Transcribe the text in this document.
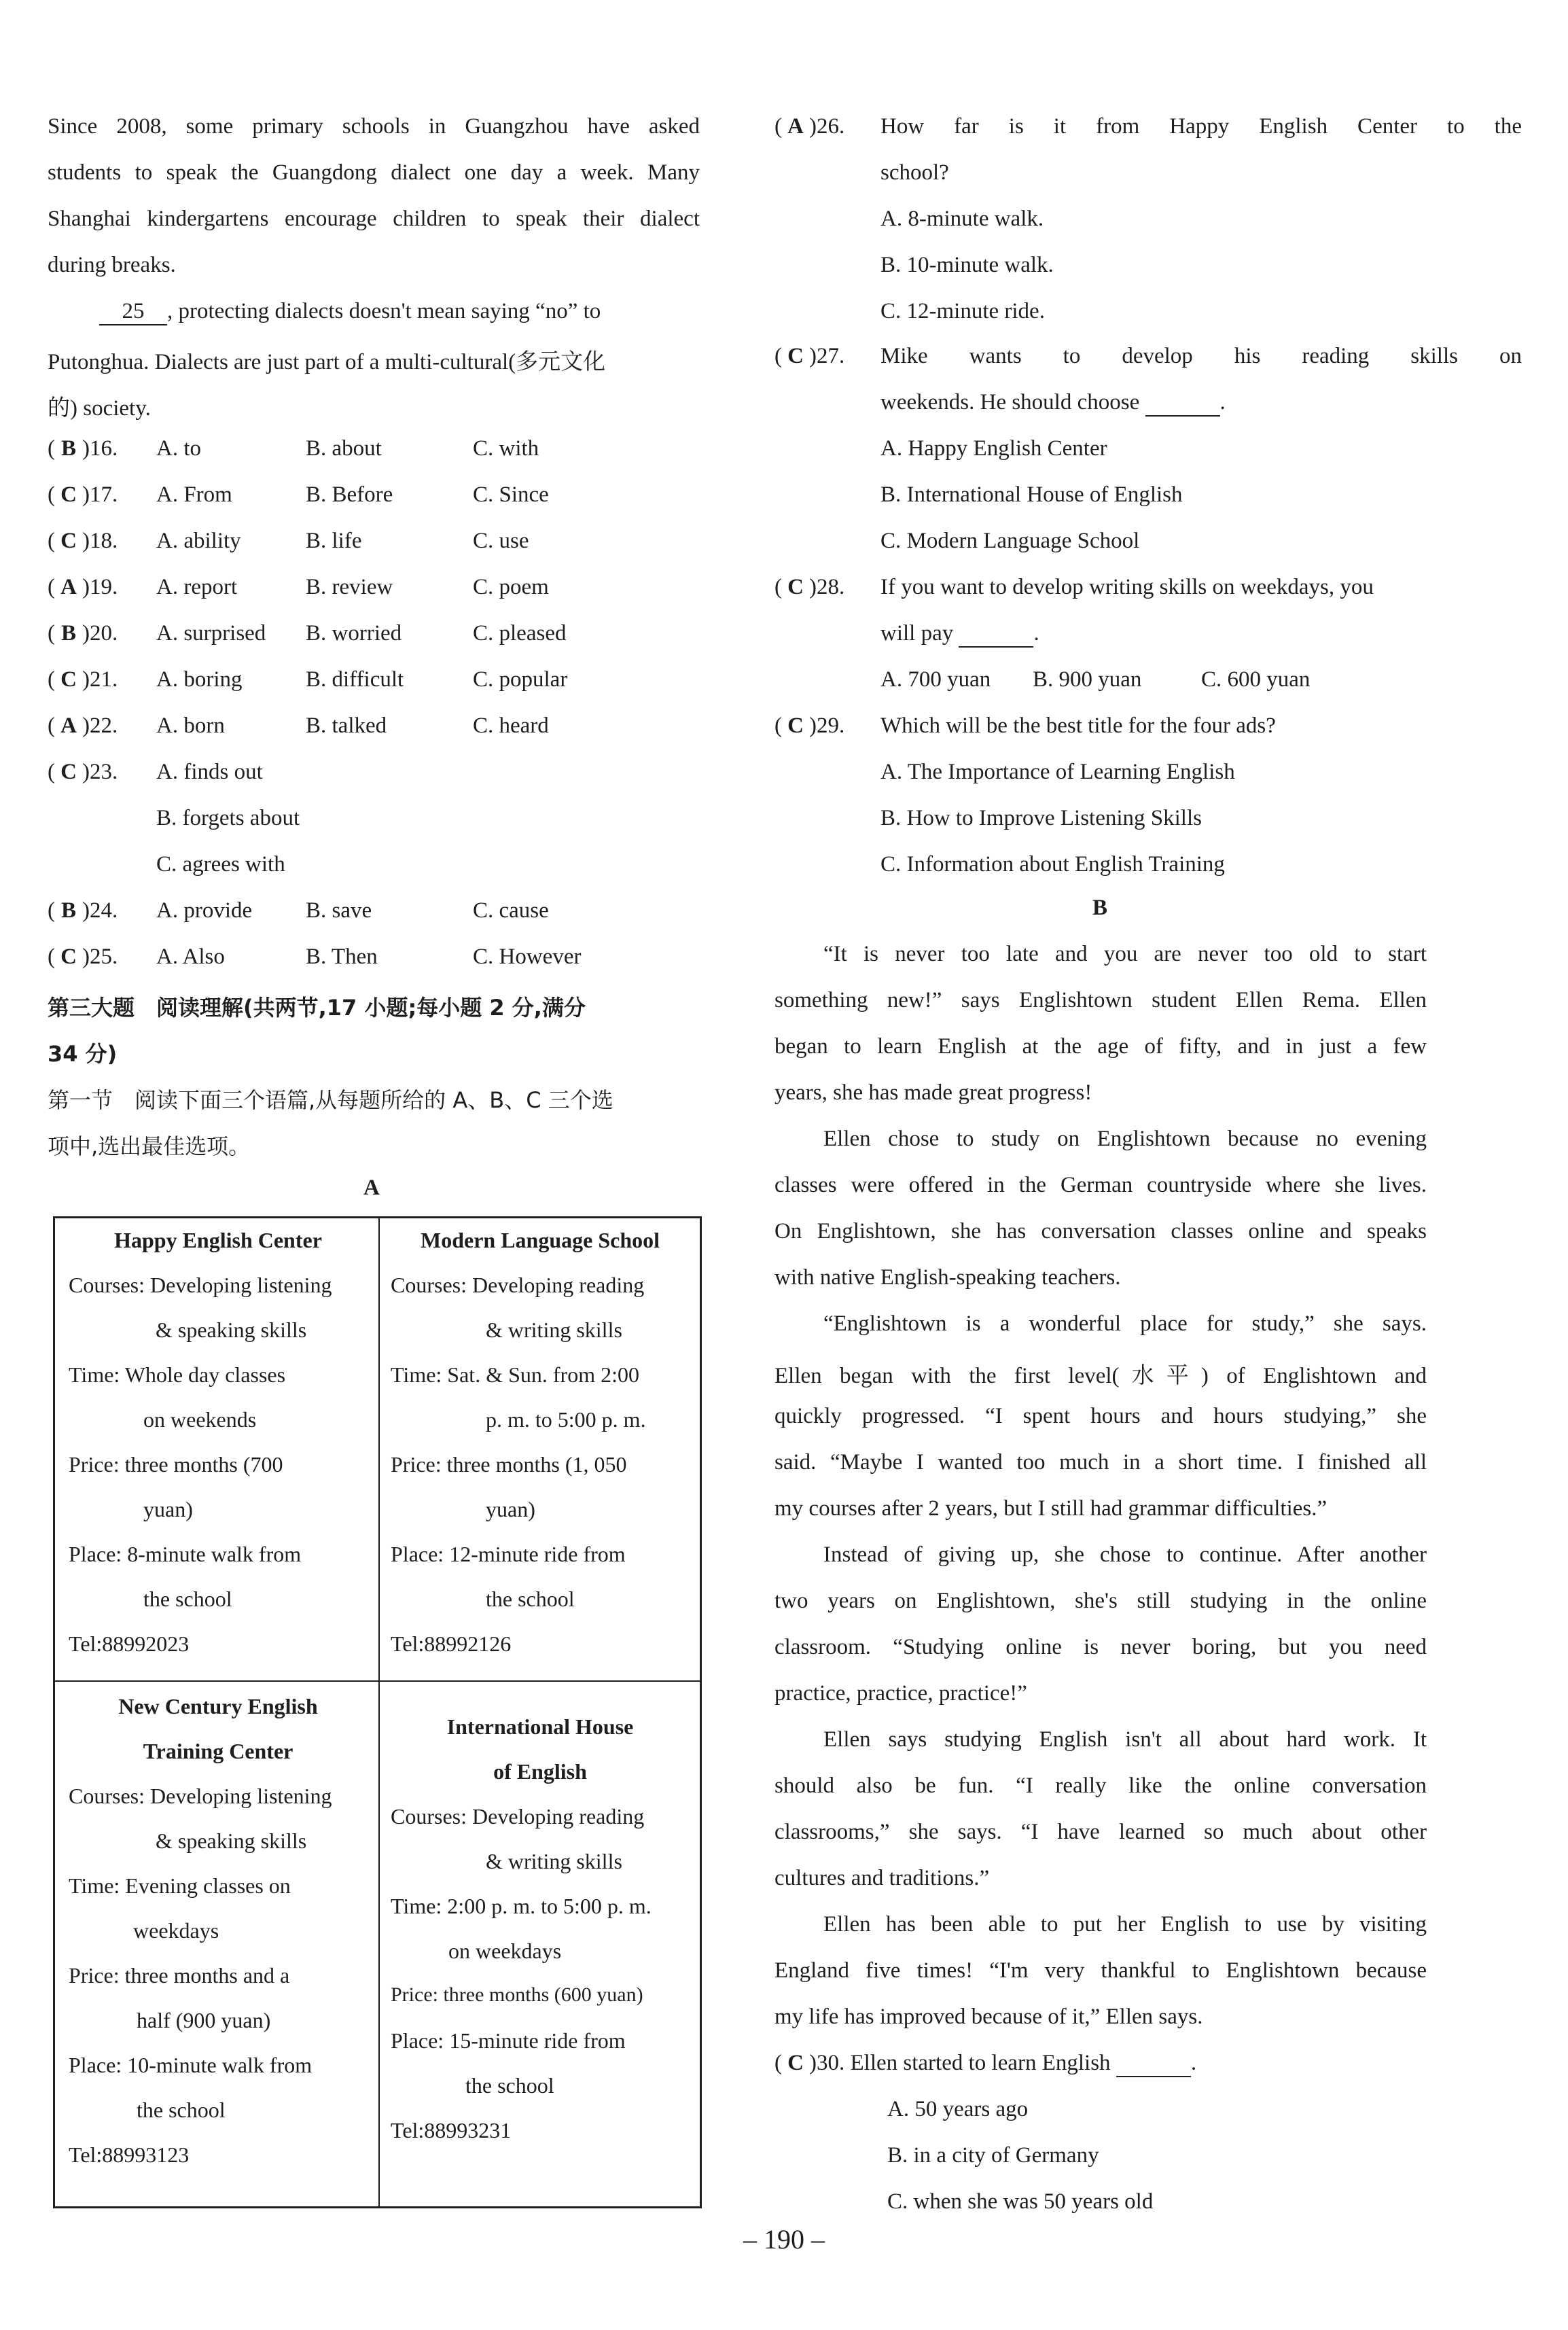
Since 2008, some primary schools in Guangzhou have asked
students to speak the Guangdong dialect one day a week. Many
Shanghai kindergartens encourage children to speak their dialect
during breaks.
25 , protecting dialects doesn't mean saying “no” to
Putonghua. Dialects are just part of a multi-cultural(多元文化
的) society.
( B )16. A. to	B. about	C. with
( C )17. A. From	B. Before	C. Since
( C )18. A. ability	B. life	C. use
( A )19. A. report	B. review	C. poem
( B )20. A. surprised B. worried	C. pleased
( C )21. A. boring	B. difficult	C. popular
( A )22. A. born	B. talked	C. heard
( C )23. A. finds out
B. forgets about
C. agrees with
( B )24. A. provide B. save	C. cause
( C )25. A. Also	B. Then	C. However
第三大题　阅读理解(共两节,17 小题;每小题 2 分,满分
34 分)
第一节　阅读下面三个语篇,从每题所给的 A、B、C 三个选
项中,选出最佳选项。
A
Happy English Center
Courses: Developing listening
& speaking skills
Time: Whole day classes
on weekends
Price: three months (700
yuan)
Place: 8-minute walk from
the school
Tel:88992023
Modern Language School
Courses: Developing reading
& writing skills
Time: Sat. & Sun. from 2:00
p. m. to 5:00 p. m.
Price: three months (1, 050
yuan)
Place: 12-minute ride from
the school
Tel:88992126
New Century English
Training Center
Courses: Developing listening
& speaking skills
Time: Evening classes on
weekdays
Price: three months and a
half (900 yuan)
Place: 10-minute walk from
the school
Tel:88993123
International House
of English
Courses: Developing reading
& writing skills
Time: 2:00 p. m. to 5:00 p. m.
on weekdays
Price: three months (600 yuan)
Place: 15-minute ride from
the school
Tel:88993231
( A )26. How far is it from Happy English Center to the
school?
A. 8-minute walk.
B. 10-minute walk.
C. 12-minute ride.
( C )27. Mike wants to develop his reading skills on
weekends. He should choose	.
A. Happy English Center
B. International House of English
C. Modern Language School
( C )28. If you want to develop writing skills on weekdays, you
will pay	.
A. 700 yuan B. 900 yuan	C. 600 yuan
( C )29. Which will be the best title for the four ads?
A. The Importance of Learning English
B. How to Improve Listening Skills
C. Information about English Training
B
“It is never too late and you are never too old to start
something new!” says Englishtown student Ellen Rema. Ellen
began to learn English at the age of fifty, and in just a few
years, she has made great progress!
Ellen chose to study on Englishtown because no evening
classes were offered in the German countryside where she lives.
On Englishtown, she has conversation classes online and speaks
with native English-speaking teachers.
“Englishtown is a wonderful place for study,” she says.
Ellen began with the first level(水平) of Englishtown and
quickly progressed. “I spent hours and hours studying,” she
said. “Maybe I wanted too much in a short time. I finished all
my courses after 2 years, but I still had grammar difficulties.”
Instead of giving up, she chose to continue. After another
two years on Englishtown, she's still studying in the online
classroom. “Studying online is never boring, but you need
practice, practice, practice!”
Ellen says studying English isn't all about hard work. It
should also be fun. “I really like the online conversation
classrooms,” she says. “I have learned so much about other
cultures and traditions.”
Ellen has been able to put her English to use by visiting
England five times! “I'm very thankful to Englishtown because
my life has improved because of it,” Ellen says.
( C )30. Ellen started to learn English	.
A. 50 years ago
B. in a city of Germany
C. when she was 50 years old
– 190 –
